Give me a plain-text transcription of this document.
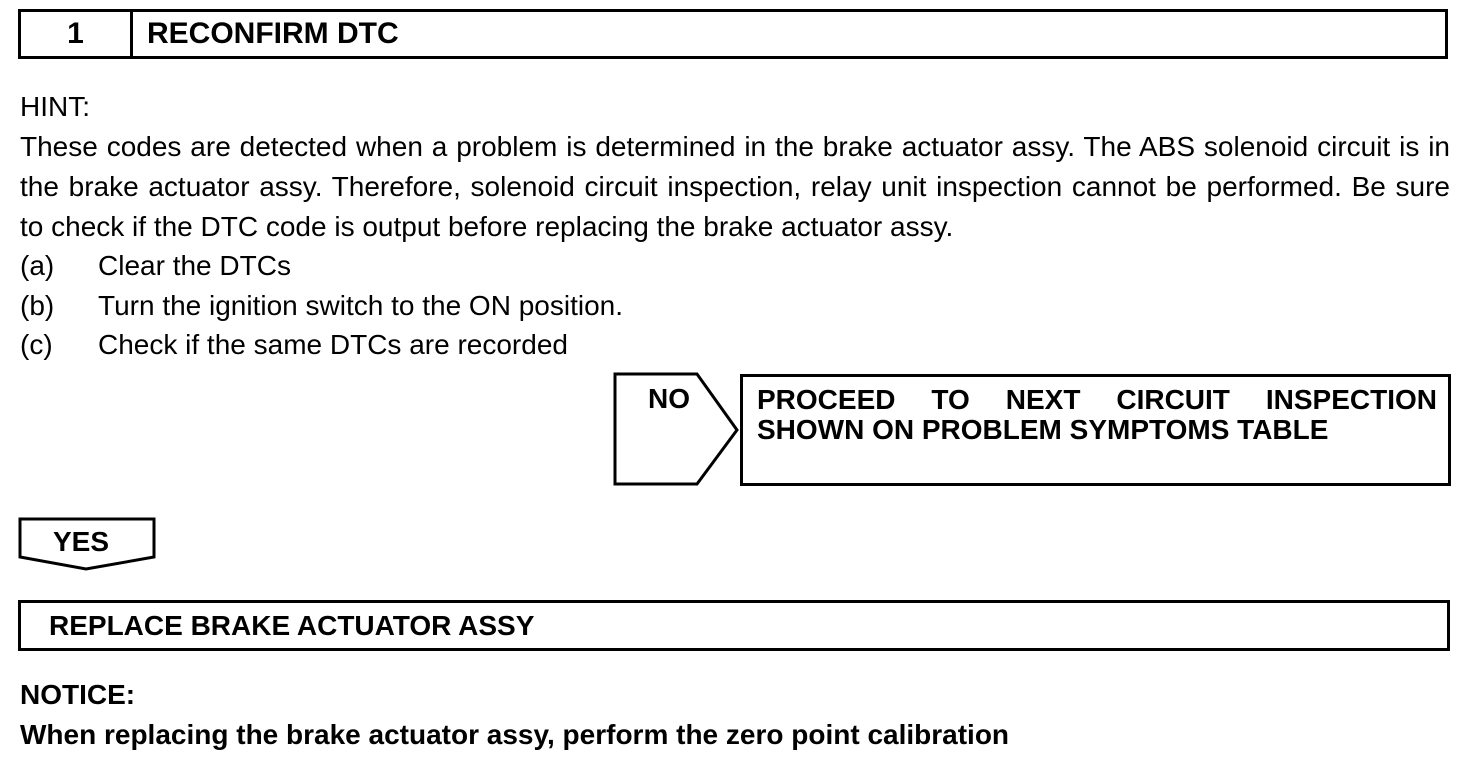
1	RECONFIRM DTC
HINT:
These codes are detected when a problem is determined in the brake actuator assy. The ABS solenoid circuit is in the brake actuator assy. Therefore, solenoid circuit inspection, relay unit inspection cannot be performed. Be sure to check if the DTC code is output before replacing the brake actuator assy.
(a) Clear the DTCs
(b) Turn the ignition switch to the ON position.
(c) Check if the same DTCs are recorded
NO PROCEED TO NEXT CIRCUIT INSPECTION
SHOWN ON PROBLEM SYMPTOMS TABLE
YES
REPLACE BRAKE ACTUATOR ASSY
NOTICE:
When replacing the brake actuator assy, perform the zero point calibration
